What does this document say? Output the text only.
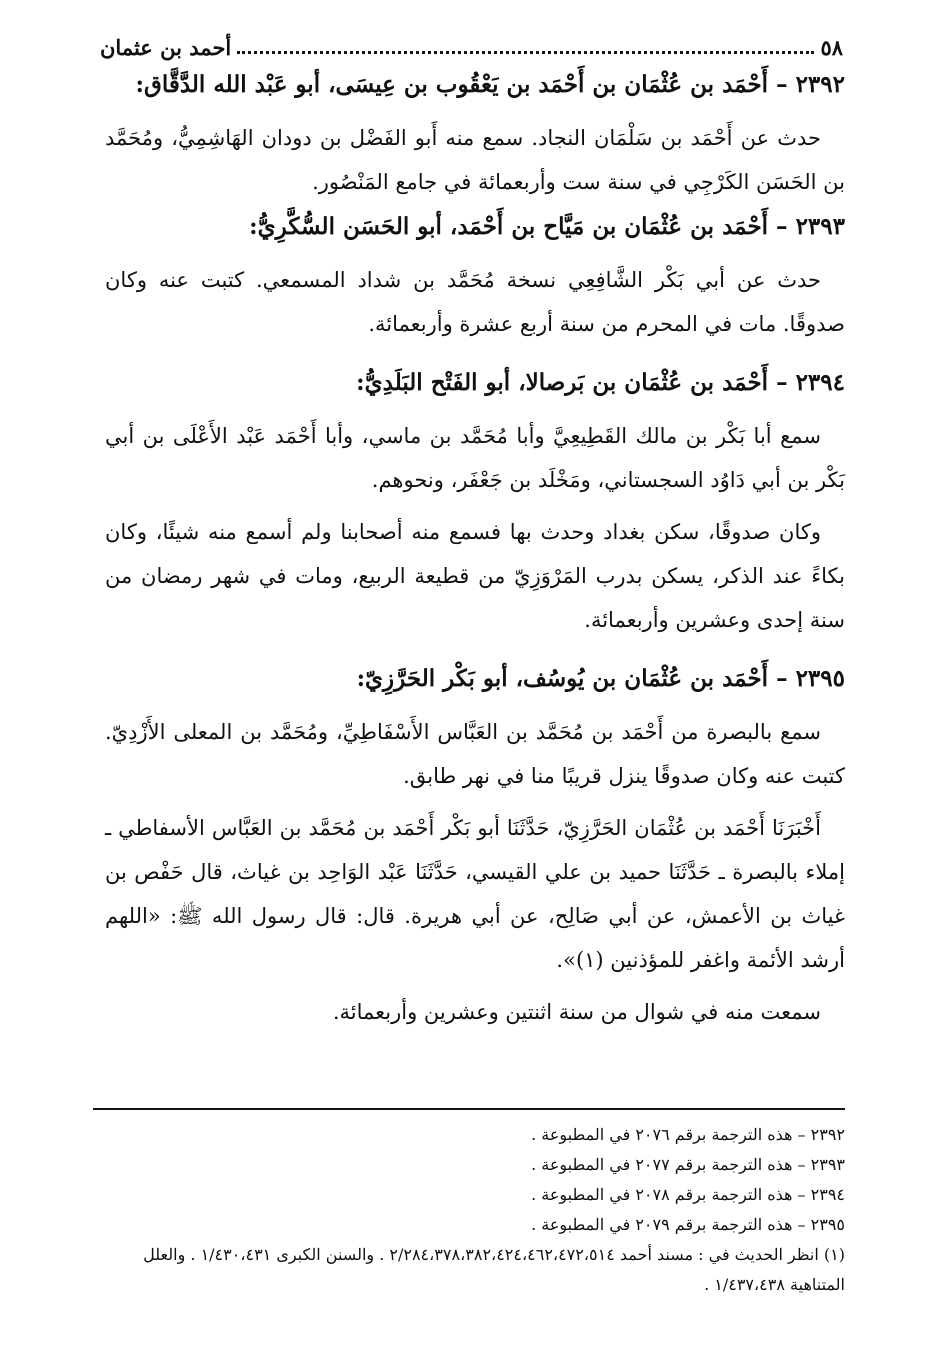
٥٨
أحمد بن عثمان

٢٣٩٢ – أَحْمَد بن عُثْمَان بن أَحْمَد بن يَعْقُوب بن عِيسَى، أبو عَبْد الله الدَّقَّاق:

حدث عن أَحْمَد بن سَلْمَان النجاد. سمع منه أَبو الفَضْل بن دودان الهَاشِمِيُّ، ومُحَمَّد بن الحَسَن الكَرْجِي في سنة ست وأربعمائة في جامع المَنْصُور.

٢٣٩٣ – أَحْمَد بن عُثْمَان بن مَيَّاح بن أَحْمَد، أبو الحَسَن السُّكَّرِيُّ:

حدث عن أبي بَكْر الشَّافِعِي نسخة مُحَمَّد بن شداد المسمعي. كتبت عنه وكان صدوقًا. مات في المحرم من سنة أربع عشرة وأربعمائة.

٢٣٩٤ – أَحْمَد بن عُثْمَان بن بَرصالا، أبو الفَتْح البَلَدِيُّ:

سمع أبا بَكْر بن مالك القَطِيعِيَّ وأبا مُحَمَّد بن ماسي، وأبا أَحْمَد عَبْد الأَعْلَى بن أبي بَكْر بن أبي دَاوُد السجستاني، ومَخْلَد بن جَعْفَر، ونحوهم.

وكان صدوقًا، سكن بغداد وحدث بها فسمع منه أصحابنا ولم أسمع منه شيئًا، وكان بكاءً عند الذكر، يسكن بدرب المَرْوَزِيّ من قطيعة الربيع، ومات في شهر رمضان من سنة إحدى وعشرين وأربعمائة.

٢٣٩٥ – أَحْمَد بن عُثْمَان بن يُوسُف، أبو بَكْر الحَرَّزِيّ:

سمع بالبصرة من أَحْمَد بن مُحَمَّد بن العَبَّاس الأَسْفَاطِيِّ، ومُحَمَّد بن المعلى الأَزْدِيّ. كتبت عنه وكان صدوقًا ينزل قريبًا منا في نهر طابق.

أَخْبَرَنَا أَحْمَد بن عُثْمَان الحَرَّزِيّ، حَدَّثَنَا أبو بَكْر أَحْمَد بن مُحَمَّد بن العَبَّاس الأسفاطي ـ إملاء بالبصرة ـ حَدَّثَنَا حميد بن علي القيسي، حَدَّثَنَا عَبْد الوَاحِد بن غياث، قال حَفْص بن غياث بن الأعمش، عن أبي صَالِح، عن أبي هريرة. قال: قال رسول الله ﷺ: «اللهم أرشد الأئمة واغفر للمؤذنين (١)».

سمعت منه في شوال من سنة اثنتين وعشرين وأربعمائة.

٢٣٩٢ – هذه الترجمة برقم ٢٠٧٦ في المطبوعة .

٢٣٩٣ – هذه الترجمة برقم ٢٠٧٧ في المطبوعة .

٢٣٩٤ – هذه الترجمة برقم ٢٠٧٨ في المطبوعة .

٢٣٩٥ – هذه الترجمة برقم ٢٠٧٩ في المطبوعة .

(١) انظر الحديث في : مسند أحمد ٢/٢٨٤،٣٧٨،٣٨٢،٤٢٤،٤٦٢،٤٧٢،٥١٤ . والسنن الكبرى ١/٤٣٠،٤٣١ . والعلل المتناهية ١/٤٣٧،٤٣٨ .
